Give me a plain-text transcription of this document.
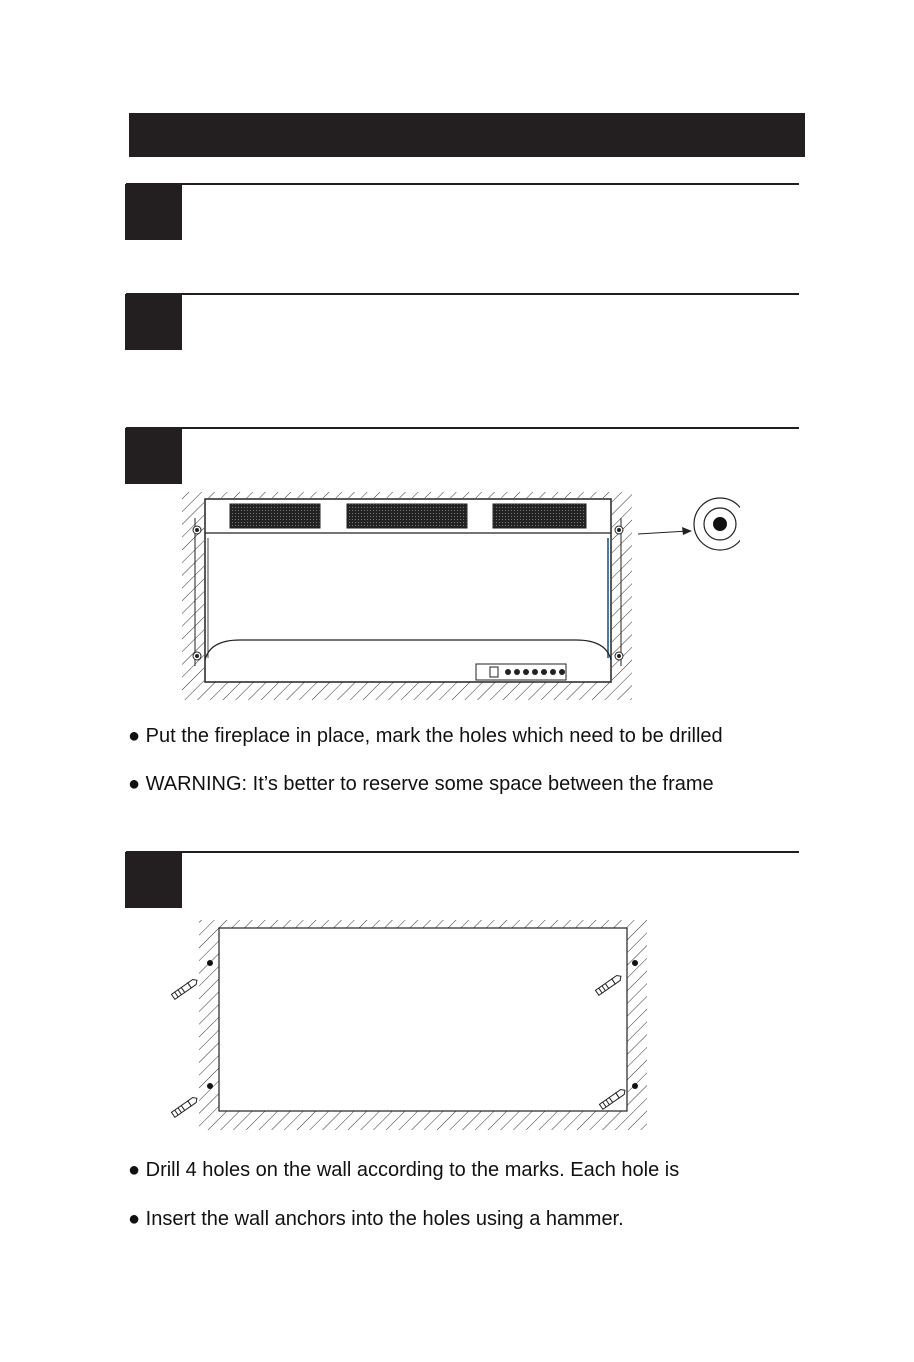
● Put the fireplace in place, mark the holes which need to be drilled
● WARNING: It’s better to reserve some space between the frame
● Drill 4 holes on the wall according to the marks. Each hole is
● Insert the wall anchors into the holes using a hammer.
